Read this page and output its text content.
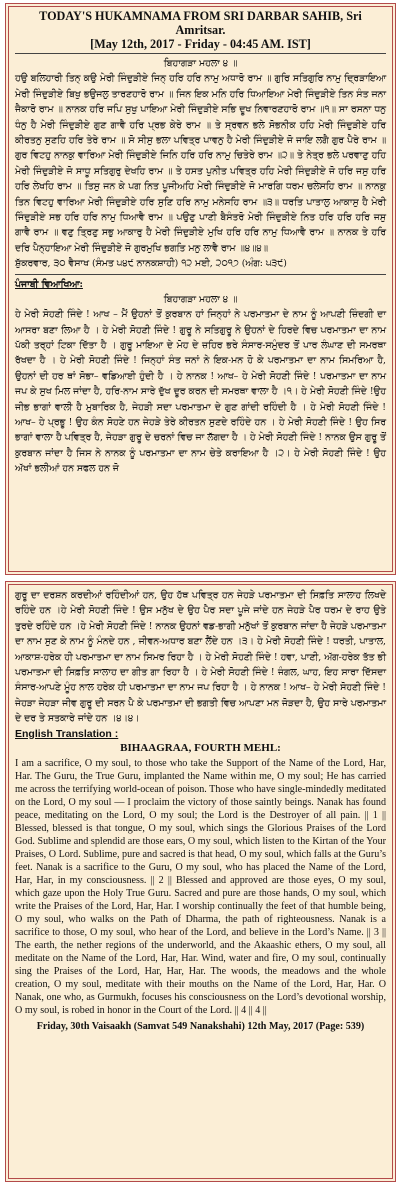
TODAY'S HUKAMNAMA FROM SRI DARBAR SAHIB, Sri Amritsar.

[May 12th, 2017 - Friday - 04:45 AM. IST]

ਬਿਹਾਗੜਾ ਮਹਲਾ ੪ ॥

ਹਉ ਬਲਿਹਾਰੀ ਤਿਨ੍ ਕਉ ਮੇਰੀ ਜਿੰਦੁੜੀਏ ਜਿਨ੍ ਹਰਿ ਹਰਿ ਨਾਮੁ ਅਧਾਰੋ ਰਾਮ ॥ ਗੁਰਿ ਸਤਿਗੁਰਿ ਨਾਮੁ ਦ੍ਰਿੜਾਇਆ ਮੇਰੀ ਜਿੰਦੁੜੀਏ ਬਿਖੁ ਭਉਜਲੁ ਤਾਰਣਹਾਰੋ ਰਾਮ ॥ ਜਿਨ ਇਕ ਮਨਿ ਹਰਿ ਧਿਆਇਆ ਮੇਰੀ ਜਿੰਦੁੜੀਏ ਤਿਨ ਸੰਤ ਜਨਾ ਜੈਕਾਰੋ ਰਾਮ ॥ ਨਾਨਕ ਹਰਿ ਜਪਿ ਸੁਖੁ ਪਾਇਆ ਮੇਰੀ ਜਿੰਦੁੜੀਏ ਸਭਿ ਦੂਖ ਨਿਵਾਰਣਹਾਰੋ ਰਾਮ ॥੧॥ ਸਾ ਰਸਨਾ ਧਨੁ ਧੰਨੁ ਹੈ ਮੇਰੀ ਜਿੰਦੁੜੀਏ ਗੁਣ ਗਾਵੈ ਹਰਿ ਪ੍ਰਭ ਕੇਰੇ ਰਾਮ ॥ ਤੇ ਸ੍ਰਵਨ ਭਲੇ ਸੋਭਨੀਕ ਹਹਿ ਮੇਰੀ ਜਿੰਦੁੜੀਏ ਹਰਿ ਕੀਰਤਨੁ ਸੁਣਹਿ ਹਰਿ ਤੇਰੇ ਰਾਮ ॥ ਸੋ ਸੀਸੁ ਭਲਾ ਪਵਿਤ੍ਰ ਪਾਵਨੁ ਹੈ ਮੇਰੀ ਜਿੰਦੁੜੀਏ ਜੋ ਜਾਇ ਲਗੈ ਗੁਰ ਪੈਰੇ ਰਾਮ ॥ ਗੁਰ ਵਿਟਹੁ ਨਾਨਕੁ ਵਾਰਿਆ ਮੇਰੀ ਜਿੰਦੁੜੀਏ ਜਿਨਿ ਹਰਿ ਹਰਿ ਨਾਮੁ ਚਿਤੇਰੇ ਰਾਮ ॥੨॥ ਤੇ ਨੇਤ੍ਰ ਭਲੇ ਪਰਵਾਣੁ ਹਹਿ ਮੇਰੀ ਜਿੰਦੁੜੀਏ ਜੋ ਸਾਧੂ ਸਤਿਗੁਰੁ ਦੇਖਹਿ ਰਾਮ ॥ ਤੇ ਹਸਤ ਪੁਨੀਤ ਪਵਿਤ੍ਰ ਹਹਿ ਮੇਰੀ ਜਿੰਦੁੜੀਏ ਜੋ ਹਰਿ ਜਸੁ ਹਰਿ ਹਰਿ ਲੇਖਹਿ ਰਾਮ ॥ ਤਿਸੁ ਜਨ ਕੇ ਪਗ ਨਿਤ ਪੂਜੀਅਹਿ ਮੇਰੀ ਜਿੰਦੁੜੀਏ ਜੋ ਮਾਰਗਿ ਧਰਮ ਚਲੇਸਹਿ ਰਾਮ ॥ ਨਾਨਕੁ ਤਿਨ ਵਿਟਹੁ ਵਾਰਿਆ ਮੇਰੀ ਜਿੰਦੁੜੀਏ ਹਰਿ ਸੁਣਿ ਹਰਿ ਨਾਮੁ ਮਨੇਸਹਿ ਰਾਮ ॥੩॥ ਧਰਤਿ ਪਾਤਾਲੁ ਆਕਾਸੁ ਹੈ ਮੇਰੀ ਜਿੰਦੁੜੀਏ ਸਭ ਹਰਿ ਹਰਿ ਨਾਮੁ ਧਿਆਵੈ ਰਾਮ ॥ ਪਉਣੁ ਪਾਣੀ ਬੈਸੰਤਰੋ ਮੇਰੀ ਜਿੰਦੁੜੀਏ ਨਿਤ ਹਰਿ ਹਰਿ ਹਰਿ ਜਸੁ ਗਾਵੈ ਰਾਮ ॥ ਵਣੁ ਤ੍ਰਿਣੁ ਸਭੁ ਆਕਾਰੁ ਹੈ ਮੇਰੀ ਜਿੰਦੁੜੀਏ ਮੁਖਿ ਹਰਿ ਹਰਿ ਨਾਮੁ ਧਿਆਵੈ ਰਾਮ ॥ ਨਾਨਕ ਤੇ ਹਰਿ ਦਰਿ ਪੈਨ੍ਹਾਇਆ ਮੇਰੀ ਜਿੰਦੁੜੀਏ ਜੋ ਗੁਰਮੁਖਿ ਭਗਤਿ ਮਨੁ ਲਾਵੈ ਰਾਮ ॥੪॥੪॥

ਸ਼ੁੱਕਰਵਾਰ, ੩੦ ਵੈਸਾਖ (ਸੰਮਤ ੫੪੯ ਨਾਨਕਸ਼ਾਹੀ) ੧੨ ਮਈ, ੨੦੧੭ (ਅੰਗ: ੫੩੯)

ਪੰਜਾਬੀ ਵਿਆਖਿਆ:

ਬਿਹਾਗੜਾ ਮਹਲਾ ੪ ॥

ਹੇ ਮੇਰੀ ਸੋਹਣੀ ਜਿੰਦੇ ! ਆਖ – ਮੈਂ ਉਹਨਾਂ ਤੋਂ ਕੁਰਬਾਨ ਹਾਂ ਜਿਨ੍ਹਾਂ ਨੇ ਪਰਮਾਤਮਾ ਦੇ ਨਾਮ ਨੂੰ ਆਪਣੀ ਜ਼ਿੰਦਗੀ ਦਾ ਆਸਰਾ ਬਣਾ ਲਿਆ ਹੈ । ਹੇ ਮੇਰੀ ਸੋਹਣੀ ਜਿੰਦੇ ! ਗੁਰੂ ਨੇ ਸਤਿਗੁਰੂ ਨੇ ਉਹਨਾਂ ਦੇ ਹਿਰਦੇ ਵਿਚ ਪਰਮਾਤਮਾ ਦਾ ਨਾਮ ਪੱਕੀ ਤਰ੍ਹਾਂ ਟਿਕਾ ਦਿੱਤਾ ਹੈ । ਗੁਰੂ ਮਾਇਆ ਦੇ ਮੋਹ ਦੇ ਜ਼ਹਿਰ ਭਰੇ ਸੰਸਾਰ-ਸਮੁੰਦਰ ਤੋਂ ਪਾਰ ਲੰਘਾਣ ਦੀ ਸਮਰਥਾ ਰੱਖਦਾ ਹੈ । ਹੇ ਮੇਰੀ ਸੋਹਣੀ ਜਿੰਦੇ ! ਜਿਨ੍ਹਾਂ ਸੰਤ ਜਨਾਂ ਨੇ ਇਕ-ਮਨ ਹੋ ਕੇ ਪਰਮਾਤਮਾ ਦਾ ਨਾਮ ਸਿਮਰਿਆ ਹੈ, ਉਹਨਾਂ ਦੀ ਹਰ ਥਾਂ ਸੋਭਾ– ਵਡਿਆਈ ਹੁੰਦੀ ਹੈ । ਹੇ ਨਾਨਕ ! ਆਖ– ਹੇ ਮੇਰੀ ਸੋਹਣੀ ਜਿੰਦੇ ! ਪਰਮਾਤਮਾ ਦਾ ਨਾਮ ਜਪ ਕੇ ਸੁਖ ਮਿਲ ਜਾਂਦਾ ਹੈ, ਹਰਿ-ਨਾਮ ਸਾਰੇ ਦੁੱਖ ਦੂਰ ਕਰਨ ਦੀ ਸਮਰਥਾ ਵਾਲਾ ਹੈ ।੧। ਹੇ ਮੇਰੀ ਸੋਹਣੀ ਜਿੰਦੇ !ਉਹ ਜੀਭ ਭਾਗਾਂ ਵਾਲੀ ਹੈ ਮੁਬਾਰਿਕ ਹੈ, ਜੇਹੜੀ ਸਦਾ ਪਰਮਾਤਮਾ ਦੇ ਗੁਣ ਗਾਂਦੀ ਰਹਿੰਦੀ ਹੈ । ਹੇ ਮੇਰੀ ਸੋਹਣੀ ਜਿੰਦੇ ! ਆਖ– ਹੇ ਪ੍ਰਭੂ ! ਉਹ ਕੰਨ ਸੋਹਣੇ ਹਨ ਜੇਹੜੇ ਤੇਰੇ ਕੀਰਤਨ ਸੁਣਦੇ ਰਹਿੰਦੇ ਹਨ । ਹੇ ਮੇਰੀ ਸੋਹਣੀ ਜਿੰਦੇ ! ਉਹ ਸਿਰ ਭਾਗਾਂ ਵਾਲਾ ਹੈ ਪਵਿਤ੍ਰ ਹੈ, ਜੇਹੜਾ ਗੁਰੂ ਦੇ ਚਰਨਾਂ ਵਿਚ ਜਾ ਲੱਗਦਾ ਹੈ । ਹੇ ਮੇਰੀ ਸੋਹਣੀ ਜਿੰਦੇ ! ਨਾਨਕ ਉਸ ਗੁਰੂ ਤੋਂ ਕੁਰਬਾਨ ਜਾਂਦਾ ਹੈ ਜਿਸ ਨੇ ਨਾਨਕ ਨੂੰ ਪਰਮਾਤਮਾ ਦਾ ਨਾਮ ਚੇਤੇ ਕਰਾਇਆ ਹੈ ।੨। ਹੇ ਮੇਰੀ ਸੋਹਣੀ ਜਿੰਦੇ ! ਉਹ ਅੱਖਾਂ ਭਲੀਆਂ ਹਨ ਸਫਲ ਹਨ ਜੋ

ਗੁਰੂ ਦਾ ਦਰਸ਼ਨ ਕਰਦੀਆਂ ਰਹਿੰਦੀਆਂ ਹਨ, ਉਹ ਹੱਥ ਪਵਿਤ੍ਰ ਹਨ ਜੇਹੜੇ ਪਰਮਾਤਮਾ ਦੀ ਸਿਫ਼ਤਿ ਸਾਲਾਹ ਲਿਖਦੇ ਰਹਿੰਦੇ ਹਨ ।ਹੇ ਮੇਰੀ ਸੋਹਣੀ ਜਿੰਦੇ ! ਉਸ ਮਨੁੱਖ ਦੇ ਉਹ ਪੈਰ ਸਦਾ ਪੂਜੇ ਜਾਂਦੇ ਹਨ ਜੇਹੜੇ ਪੈਰ ਧਰਮ ਦੇ ਰਾਹ ਉਤੇ ਤੁਰਦੇ ਰਹਿੰਦੇ ਹਨ ।ਹੇ ਮੇਰੀ ਸੋਹਣੀ ਜਿੰਦੇ ! ਨਾਨਕ ਉਹਨਾਂ ਵਡ-ਭਾਗੀ ਮਨੁੱਖਾਂ ਤੋਂ ਕੁਰਬਾਨ ਜਾਂਦਾ ਹੈ ਜੇਹੜੇ ਪਰਮਾਤਮਾ ਦਾ ਨਾਮ ਸੁਣ ਕੇ ਨਾਮ ਨੂੰ ਮੰਨਦੇ ਹਨ , ਜੀਵਨ-ਅਧਾਰ ਬਣਾ ਲੈਂਦੇ ਹਨ ।੩। ਹੇ ਮੇਰੀ ਸੋਹਣੀ ਜਿੰਦੇ ! ਧਰਤੀ, ਪਾਤਾਲ, ਆਕਾਸ਼-ਹਰੇਕ ਹੀ ਪਰਮਾਤਮਾ ਦਾ ਨਾਮ ਸਿਮਰ ਰਿਹਾ ਹੈ । ਹੇ ਮੇਰੀ ਸੋਹਣੀ ਜਿੰਦੇ ! ਹਵਾ, ਪਾਣੀ, ਅੱਗ-ਹਰੇਕ ਤੱਤ ਭੀ ਪਰਮਾਤਮਾ ਦੀ ਸਿਫ਼ਤਿ ਸਾਲਾਹ ਦਾ ਗੀਤ ਗਾ ਰਿਹਾ ਹੈ । ਹੇ ਮੇਰੀ ਸੋਹਣੀ ਜਿੰਦੇ ! ਜੰਗਲ, ਘਾਹ, ਇਹ ਸਾਰਾ ਦਿੱਸਦਾ ਸੰਸਾਰ-ਆਪਣੇ ਮੂੰਹ ਨਾਲ ਹਰੇਕ ਹੀ ਪਰਮਾਤਮਾ ਦਾ ਨਾਮ ਜਪ ਰਿਹਾ ਹੈ । ਹੇ ਨਾਨਕ ! ਆਖ– ਹੇ ਮੇਰੀ ਸੋਹਣੀ ਜਿੰਦੇ ! ਜੇਹੜਾ ਜੇਹੜਾ ਜੀਵ ਗੁਰੂ ਦੀ ਸਰਨ ਪੈ ਕੇ ਪਰਮਾਤਮਾ ਦੀ ਭਗਤੀ ਵਿਚ ਆਪਣਾ ਮਨ ਜੋੜਦਾ ਹੈ, ਉਹ ਸਾਰੇ ਪਰਮਾਤਮਾ ਦੇ ਦਰ ਤੇ ਸਤਕਾਰੇ ਜਾਂਦੇ ਹਨ ।੪।੪।

English Translation :

BIHAAGRAA, FOURTH MEHL:

I am a sacrifice, O my soul, to those who take the Support of the Name of the Lord, Har, Har. The Guru, the True Guru, implanted the Name within me, O my soul; He has carried me across the terrifying world-ocean of poison. Those who have single-mindedly meditated on the Lord, O my soul — I proclaim the victory of those saintly beings. Nanak has found peace, meditating on the Lord, O my soul; the Lord is the Destroyer of all pain. || 1 || Blessed, blessed is that tongue, O my soul, which sings the Glorious Praises of the Lord God. Sublime and splendid are those ears, O my soul, which listen to the Kirtan of the Your Praises, O Lord. Sublime, pure and sacred is that head, O my soul, which falls at the Guru’s feet. Nanak is a sacrifice to the Guru, O my soul, who has placed the Name of the Lord, Har, Har, in my consciousness. || 2 || Blessed and approved are those eyes, O my soul, which gaze upon the Holy True Guru. Sacred and pure are those hands, O my soul, which write the Praises of the Lord, Har, Har. I worship continually the feet of that humble being, O my soul, who walks on the Path of Dharma, the path of righteousness. Nanak is a sacrifice to those, O my soul, who hear of the Lord, and believe in the Lord’s Name. || 3 || The earth, the nether regions of the underworld, and the Akaashic ethers, O my soul, all meditate on the Name of the Lord, Har, Har. Wind, water and fire, O my soul, continually sing the Praises of the Lord, Har, Har, Har. The woods, the meadows and the whole creation, O my soul, meditate with their mouths on the Name of the Lord, Har, Har. O Nanak, one who, as Gurmukh, focuses his consciousness on the Lord’s devotional worship, O my soul, is robed in honor in the Court of the Lord. || 4 || 4 ||

Friday, 30th Vaisaakh (Samvat 549 Nanakshahi) 12th May, 2017 (Page: 539)
